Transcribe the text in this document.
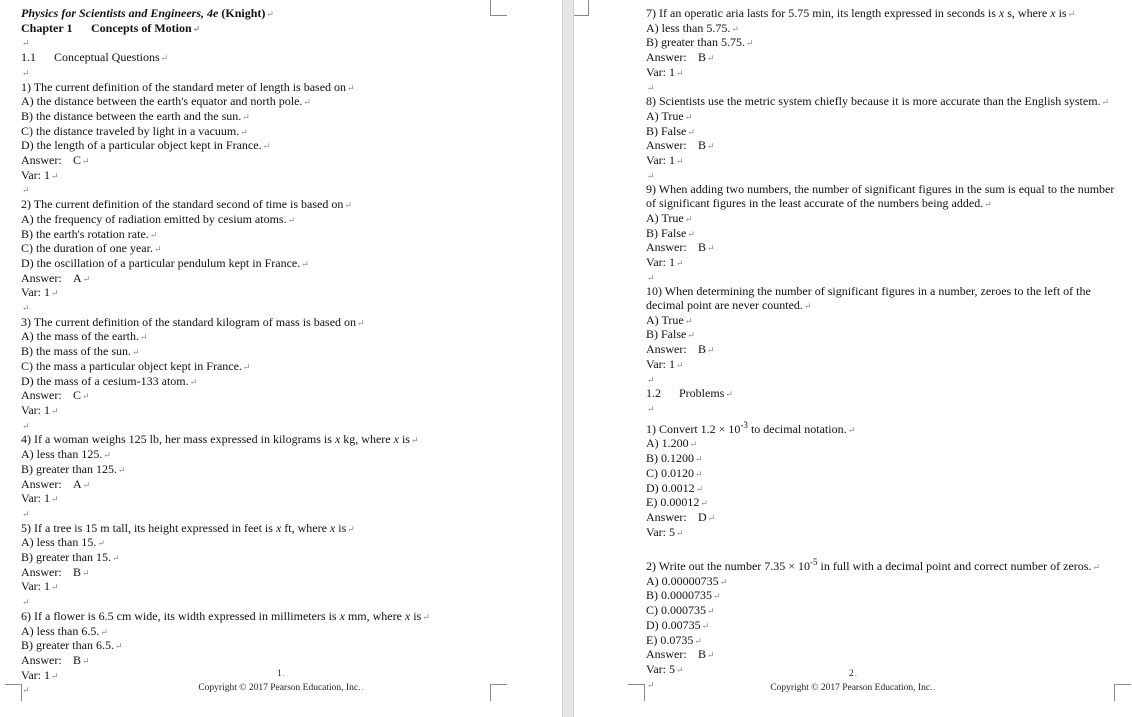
Physics for Scientists and Engineers, 4e (Knight)↵
Chapter 1 Concepts of Motion↵
↵
1.1 Conceptual Questions↵
↵
1) The current definition of the standard meter of length is based on↵
A) the distance between the earth's equator and north pole.↵
B) the distance between the earth and the sun.↵
C) the distance traveled by light in a vacuum.↵
D) the length of a particular object kept in France.↵
Answer: C↵
Var: 1↵
↵
2) The current definition of the standard second of time is based on↵
A) the frequency of radiation emitted by cesium atoms.↵
B) the earth's rotation rate.↵
C) the duration of one year.↵
D) the oscillation of a particular pendulum kept in France.↵
Answer: A↵
Var: 1↵
↵
3) The current definition of the standard kilogram of mass is based on↵
A) the mass of the earth.↵
B) the mass of the sun.↵
C) the mass a particular object kept in France.↵
D) the mass of a cesium-133 atom.↵
Answer: C↵
Var: 1↵
↵
4) If a woman weighs 125 lb, her mass expressed in kilograms is x kg, where x is↵
A) less than 125.↵
B) greater than 125.↵
Answer: A↵
Var: 1↵
↵
5) If a tree is 15 m tall, its height expressed in feet is x ft, where x is↵
A) less than 15.↵
B) greater than 15.↵
Answer: B↵
Var: 1↵
↵
6) If a flower is 6.5 cm wide, its width expressed in millimeters is x mm, where x is↵
A) less than 6.5.↵
B) greater than 6.5.↵
Answer: B↵
Var: 1↵
↵
1.
Copyright © 2017 Pearson Education, Inc..
7) If an operatic aria lasts for 5.75 min, its length expressed in seconds is x s, where x is↵
A) less than 5.75.↵
B) greater than 5.75.↵
Answer: B↵
Var: 1↵
↵
8) Scientists use the metric system chiefly because it is more accurate than the English system.↵
A) True↵
B) False↵
Answer: B↵
Var: 1↵
↵
9) When adding two numbers, the number of significant figures in the sum is equal to the number of significant figures in the least accurate of the numbers being added.↵
A) True↵
B) False↵
Answer: B↵
Var: 1↵
↵
10) When determining the number of significant figures in a number, zeroes to the left of the decimal point are never counted.↵
A) True↵
B) False↵
Answer: B↵
Var: 1↵
↵
1.2 Problems↵
↵
1) Convert $1.2 \times 10^{-3}$ to decimal notation.↵
A) 1.200↵
B) 0.1200↵
C) 0.0120↵
D) 0.0012↵
E) 0.00012↵
Answer: D↵
Var: 5↵
2) Write out the number $7.35 \times 10^{-5}$ in full with a decimal point and correct number of zeros.↵
A) 0.00000735↵
B) 0.0000735↵
C) 0.000735↵
D) 0.00735↵
E) 0.0735↵
Answer: B↵
Var: 5↵
↵
2.
Copyright © 2017 Pearson Education, Inc..
